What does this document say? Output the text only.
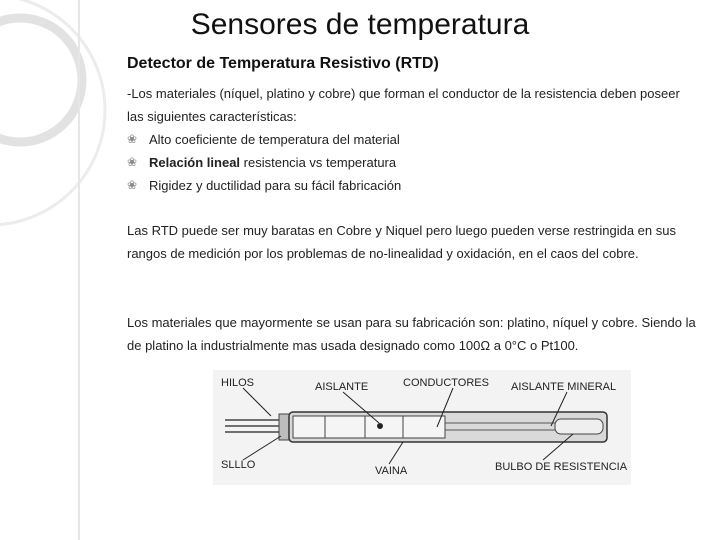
Sensores de temperatura
Detector de Temperatura Resistivo (RTD)
-Los materiales (níquel, platino y cobre) que forman el conductor de la resistencia deben poseer las siguientes características:
❀ Alto coeficiente de temperatura del material
❀ Relación lineal resistencia vs temperatura
❀ Rigidez y ductilidad para su fácil fabricación
Las RTD puede ser muy baratas en Cobre y Niquel pero luego pueden verse restringida en sus rangos de medición por los problemas de no-linealidad y oxidación, en el caos del cobre.
Los materiales que mayormente se usan para su fabricación son: platino, níquel y cobre. Siendo la de platino la industrialmente mas usada designado como 100Ω a 0°C o Pt100.
HILOS	AISLANTE	CONDUCTORES AISLANTE MINERAL
SLLLO	VAINA	BULBO DE RESISTENCIA
